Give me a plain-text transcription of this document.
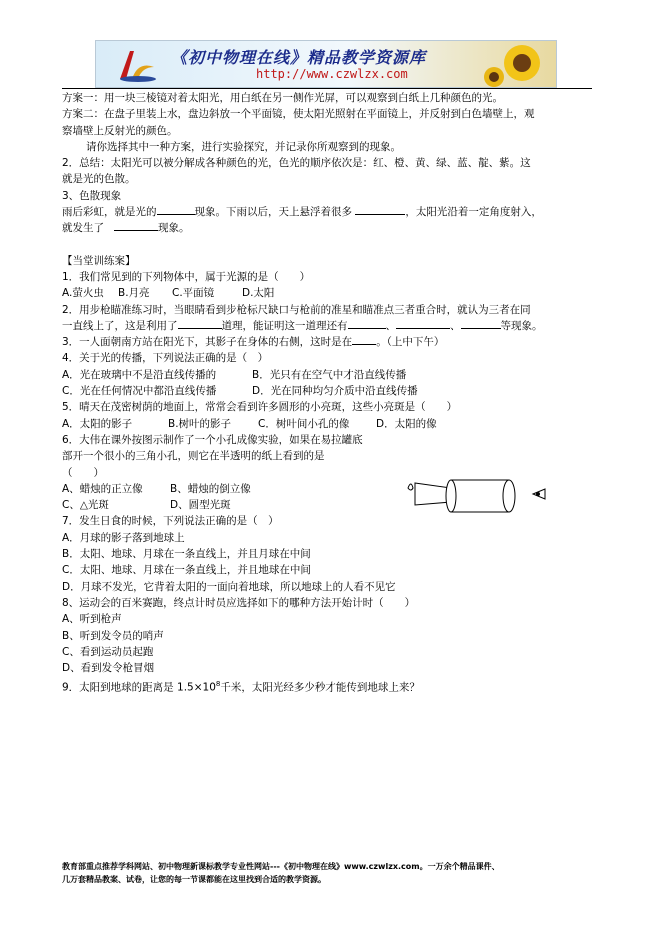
《初中物理在线》精品教学资源库
http://www.czwlzx.com

方案一：用一块三棱镜对着太阳光，用白纸在另一侧作光屏，可以观察到白纸上几种颜色的光。

方案二：在盘子里装上水，盘边斜放一个平面镜，使太阳光照射在平面镜上，并反射到白色墙壁上，观

察墙壁上反射光的颜色。

请你选择其中一种方案，进行实验探究，并记录你所观察到的现象。

2．总结：太阳光可以被分解成各种颜色的光，色光的顺序依次是：红、橙、黄、绿、蓝、靛、紫。这

就是光的色散。

3、色散现象

雨后彩虹，就是光的	现象。下雨以后，天上悬浮着很多	，太阳光沿着一定角度射入，

就发生了	现象。

【当堂训练案】

1．我们常见到的下列物体中，属于光源的是（　　）

A.萤火虫 B.月亮 C.平面镜	D.太阳

2．用步枪瞄准练习时，当眼睛看到步枪标尺缺口与枪前的准星和瞄准点三者重合时，就认为三者在同

一直线上了，这是利用了	道理，能证明这一道理还有	、	、	等现象。

3．一人面朝南方站在阳光下，其影子在身体的右侧，这时是在 。（上中下午）

4．关于光的传播，下列说法正确的是（　）

A．光在玻璃中不是沿直线传播的	B．光只有在空气中才沿直线传播

C．光在任何情况中都沿直线传播	D．光在同种均匀介质中沿直线传播

5．晴天在茂密树荫的地面上，常常会看到许多圆形的小亮斑，这些小亮斑是（　　）

A．太阳的影子	B.树叶的影子	C．树叶间小孔的像	D．太阳的像

6．大伟在课外按图示制作了一个小孔成像实验，如果在易拉罐底

部开一个很小的三角小孔，则它在半透明的纸上看到的是

（　　）

A、蜡烛的正立像	B、蜡烛的倒立像

C、△光斑	D、圆型光斑

7．发生日食的时候，下列说法正确的是（　）

A．月球的影子落到地球上

B．太阳、地球、月球在一条直线上，并且月球在中间

C．太阳、地球、月球在一条直线上，并且地球在中间

D．月球不发光，它背着太阳的一面向着地球，所以地球上的人看不见它

8、运动会的百米赛跑，终点计时员应选择如下的哪种方法开始计时（　　）

A、听到枪声

B、听到发令员的哨声

C、看到运动员起跑

D、看到发令枪冒烟

9．太阳到地球的距离是 $1.5\times 10^8$千米，太阳光经多少秒才能传到地球上来？

教育部重点推荐学科网站、初中物理新课标教学专业性网站---《初中物理在线》www.czwlzx.com。一万余个精品课件、

几万套精品教案、试卷，让您的每一节课都能在这里找到合适的教学资源。
